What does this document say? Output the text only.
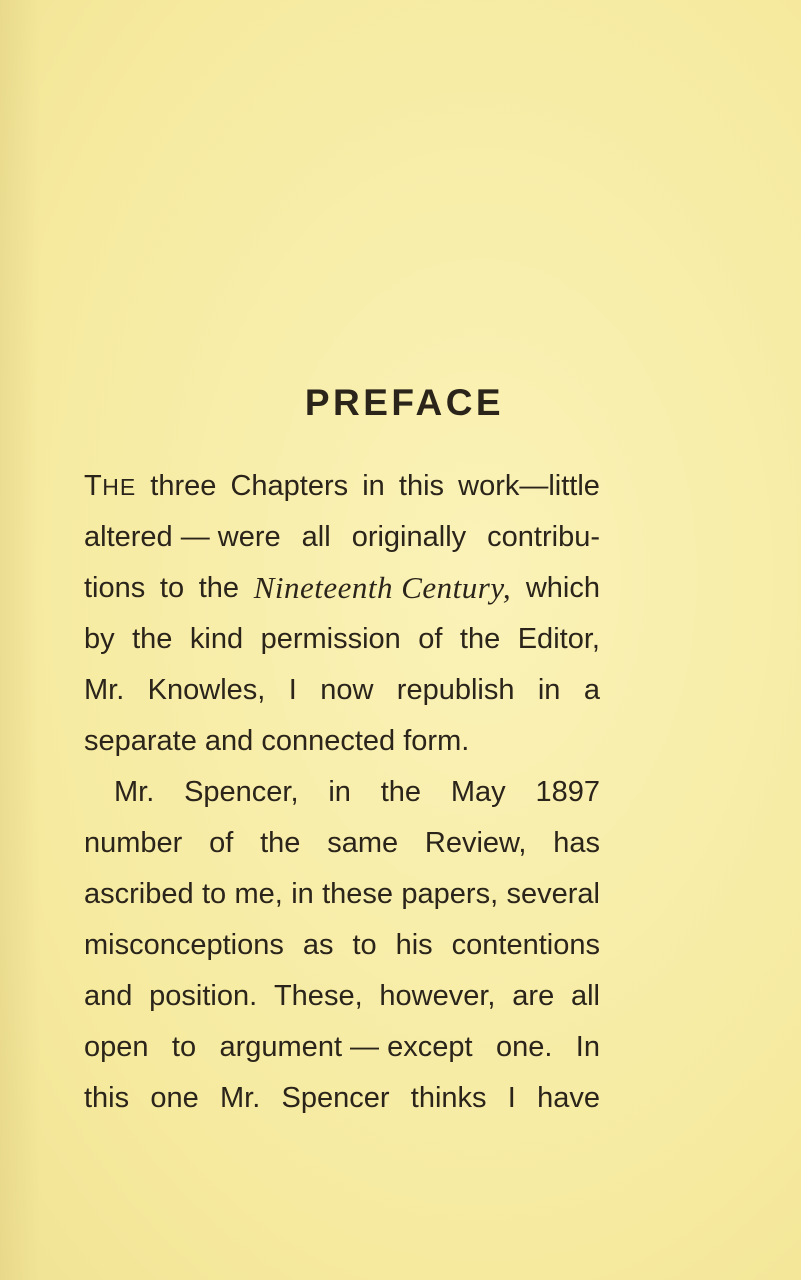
PREFACE
THE three Chapters in this work—little
altered — were all originally contribu-
tions to the Nineteenth Century, which
by the kind permission of the Editor,
Mr. Knowles, I now republish in a
separate and connected form.
Mr. Spencer, in the May 1897
number of the same Review, has
ascribed to me, in these papers, several
misconceptions as to his contentions
and position. These, however, are all
open to argument — except one. In
this one Mr. Spencer thinks I have
